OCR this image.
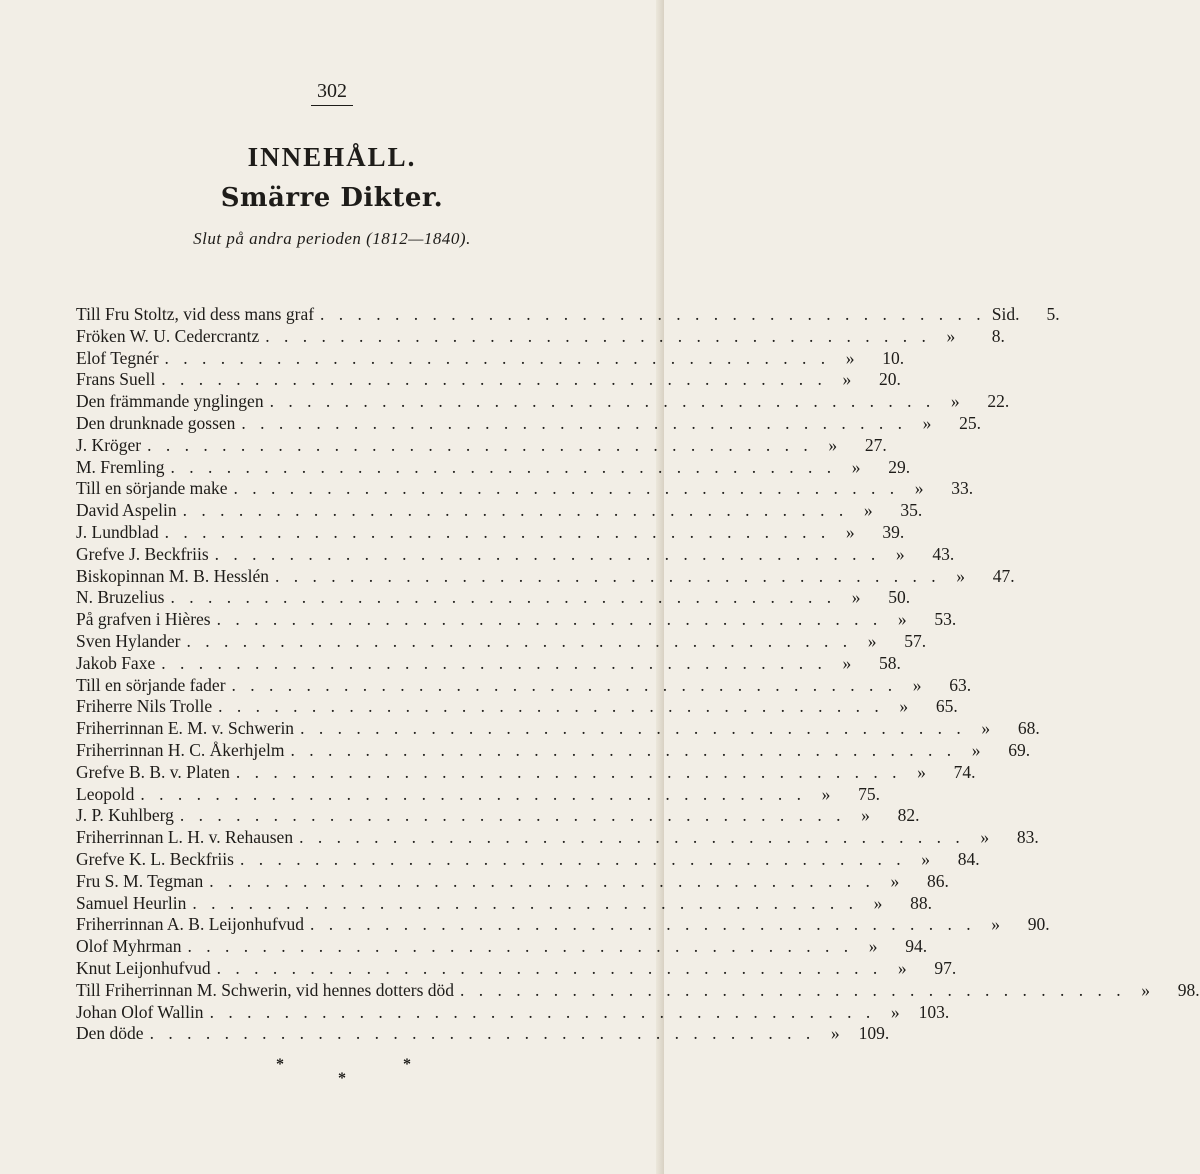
302
INNEHÅLL.
Smärre Dikter.
Slut på andra perioden (1812—1840).
Till Fru Stoltz, vid dess mans graf . . . . . . . . . . . . . . . . . . . . . . . . . . . . . . . . . . . . Sid.	5.
Fröken W. U. Cedercrantz . . . . . . . . . . . . . . . . . . . . . . . . . . . . . . . . . . . . »	8.
Elof Tegnér . . . . . . . . . . . . . . . . . . . . . . . . . . . . . . . . . . . . »	10.
Frans Suell . . . . . . . . . . . . . . . . . . . . . . . . . . . . . . . . . . . . »	20.
Den främmande ynglingen . . . . . . . . . . . . . . . . . . . . . . . . . . . . . . . . . . . . »	22.
Den drunknade gossen . . . . . . . . . . . . . . . . . . . . . . . . . . . . . . . . . . . . »	25.
J. Kröger . . . . . . . . . . . . . . . . . . . . . . . . . . . . . . . . . . . . »	27.
M. Fremling . . . . . . . . . . . . . . . . . . . . . . . . . . . . . . . . . . . . »	29.
Till en sörjande make . . . . . . . . . . . . . . . . . . . . . . . . . . . . . . . . . . . . »	33.
David Aspelin . . . . . . . . . . . . . . . . . . . . . . . . . . . . . . . . . . . . »	35.
J. Lundblad . . . . . . . . . . . . . . . . . . . . . . . . . . . . . . . . . . . . »	39.
Grefve J. Beckfriis . . . . . . . . . . . . . . . . . . . . . . . . . . . . . . . . . . . . »	43.
Biskopinnan M. B. Hesslén . . . . . . . . . . . . . . . . . . . . . . . . . . . . . . . . . . . . »	47.
N. Bruzelius . . . . . . . . . . . . . . . . . . . . . . . . . . . . . . . . . . . . »	50.
På grafven i Hières . . . . . . . . . . . . . . . . . . . . . . . . . . . . . . . . . . . . »	53.
Sven Hylander . . . . . . . . . . . . . . . . . . . . . . . . . . . . . . . . . . . . »	57.
Jakob Faxe . . . . . . . . . . . . . . . . . . . . . . . . . . . . . . . . . . . . »	58.
Till en sörjande fader . . . . . . . . . . . . . . . . . . . . . . . . . . . . . . . . . . . . »	63.
Friherre Nils Trolle . . . . . . . . . . . . . . . . . . . . . . . . . . . . . . . . . . . . »	65.
Friherrinnan E. M. v. Schwerin . . . . . . . . . . . . . . . . . . . . . . . . . . . . . . . . . . . . »	68.
Friherrinnan H. C. Åkerhjelm . . . . . . . . . . . . . . . . . . . . . . . . . . . . . . . . . . . . »	69.
Grefve B. B. v. Platen . . . . . . . . . . . . . . . . . . . . . . . . . . . . . . . . . . . . »	74.
Leopold . . . . . . . . . . . . . . . . . . . . . . . . . . . . . . . . . . . . »	75.
J. P. Kuhlberg . . . . . . . . . . . . . . . . . . . . . . . . . . . . . . . . . . . . »	82.
Friherrinnan L. H. v. Rehausen . . . . . . . . . . . . . . . . . . . . . . . . . . . . . . . . . . . . »	83.
Grefve K. L. Beckfriis . . . . . . . . . . . . . . . . . . . . . . . . . . . . . . . . . . . . »	84.
Fru S. M. Tegman . . . . . . . . . . . . . . . . . . . . . . . . . . . . . . . . . . . . »	86.
Samuel Heurlin . . . . . . . . . . . . . . . . . . . . . . . . . . . . . . . . . . . . »	88.
Friherrinnan A. B. Leijonhufvud . . . . . . . . . . . . . . . . . . . . . . . . . . . . . . . . . . . . »	90.
Olof Myhrman . . . . . . . . . . . . . . . . . . . . . . . . . . . . . . . . . . . . »	94.
Knut Leijonhufvud . . . . . . . . . . . . . . . . . . . . . . . . . . . . . . . . . . . . »	97.
Till Friherrinnan M. Schwerin, vid hennes dotters död . . . . . . . . . . . . . . . . . . . . . . . . . . . . . . . . . . . . »	98.
Johan Olof Wallin . . . . . . . . . . . . . . . . . . . . . . . . . . . . . . . . . . . . »	103.
Den döde . . . . . . . . . . . . . . . . . . . . . . . . . . . . . . . . . . . . »	109.
*	*
*
